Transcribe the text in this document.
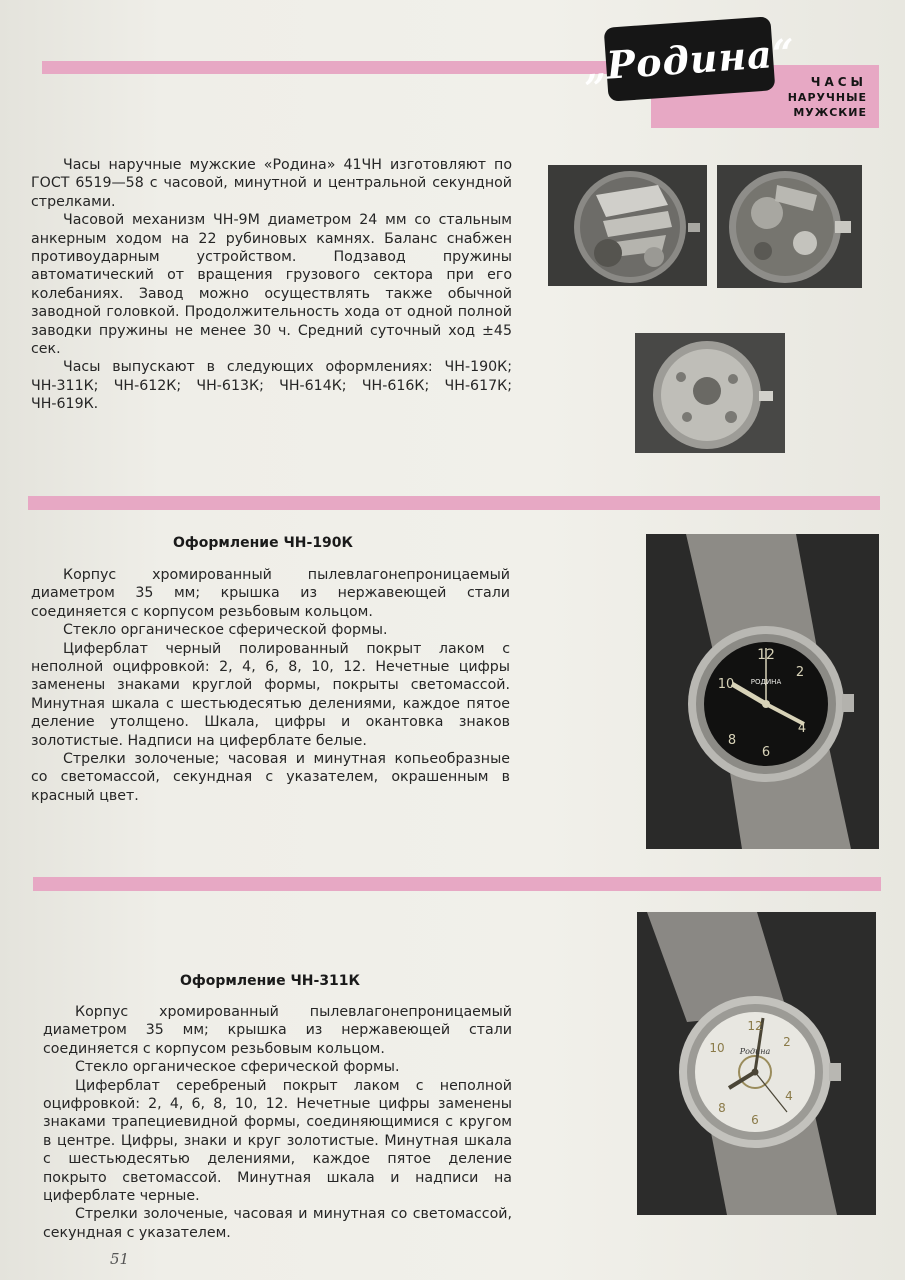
ЧАСЫ
НАРУЧНЫЕ
МУЖСКИЕ
„Родина“

Часы наручные мужские «Родина» 41ЧН изготовляют по ГОСТ 6519—58 с часовой, минутной и центральной секундной стрелками.

Часовой механизм ЧН-9М диаметром 24 мм со стальным анкерным ходом на 22 рубиновых камнях. Баланс снабжен противоударным устройством. Подзавод пружины автоматический от вращения грузового сектора при его колебаниях. Завод можно осуществлять также обычной заводной головкой. Продолжительность хода от одной полной заводки пружины не менее 30 ч. Средний суточный ход ±45 сек.

Часы выпускают в следующих оформлениях: ЧН-190К; ЧН-311К; ЧН-612К; ЧН-613К; ЧН-614К; ЧН-616К; ЧН-617К; ЧН-619К.

Оформление ЧН-190К

Корпус хромированный пылевлагонепроницаемый диаметром 35 мм; крышка из нержавеющей стали соединяется с корпусом резьбовым кольцом.

Стекло органическое сферической формы.

Циферблат черный полированный покрыт лаком с неполной оцифровкой: 2, 4, 6, 8, 10, 12. Нечетные цифры заменены знаками круглой формы, покрыты светомассой. Минутная шкала с шестьюдесятью делениями, каждое пятое деление утолщено. Шкала, цифры и окантовка знаков золотистые. Надписи на циферблате белые.

Стрелки золоченые; часовая и минутная копьеобразные со светомассой, секундная с указателем, окрашенным в красный цвет.

РОДИНА
12
2
4
6
8
10
Оформление ЧН-311К

Корпус хромированный пылевлагонепроницаемый диаметром 35 мм; крышка из нержавеющей стали соединяется с корпусом резьбовым кольцом.

Стекло органическое сферической формы.

Циферблат серебреный покрыт лаком с неполной оцифровкой: 2, 4, 6, 8, 10, 12. Нечетные цифры заменены знаками трапециевидной формы, соединяющимися с кругом в центре. Цифры, знаки и круг золотистые. Минутная шкала с шестьюдесятью делениями, каждое пятое деление покрыто светомассой. Минутная шкала и надписи на циферблате черные.

Стрелки золоченые, часовая и минутная со светомассой, секундная с указателем.

Родина
12
2
4
6
8
10
51
